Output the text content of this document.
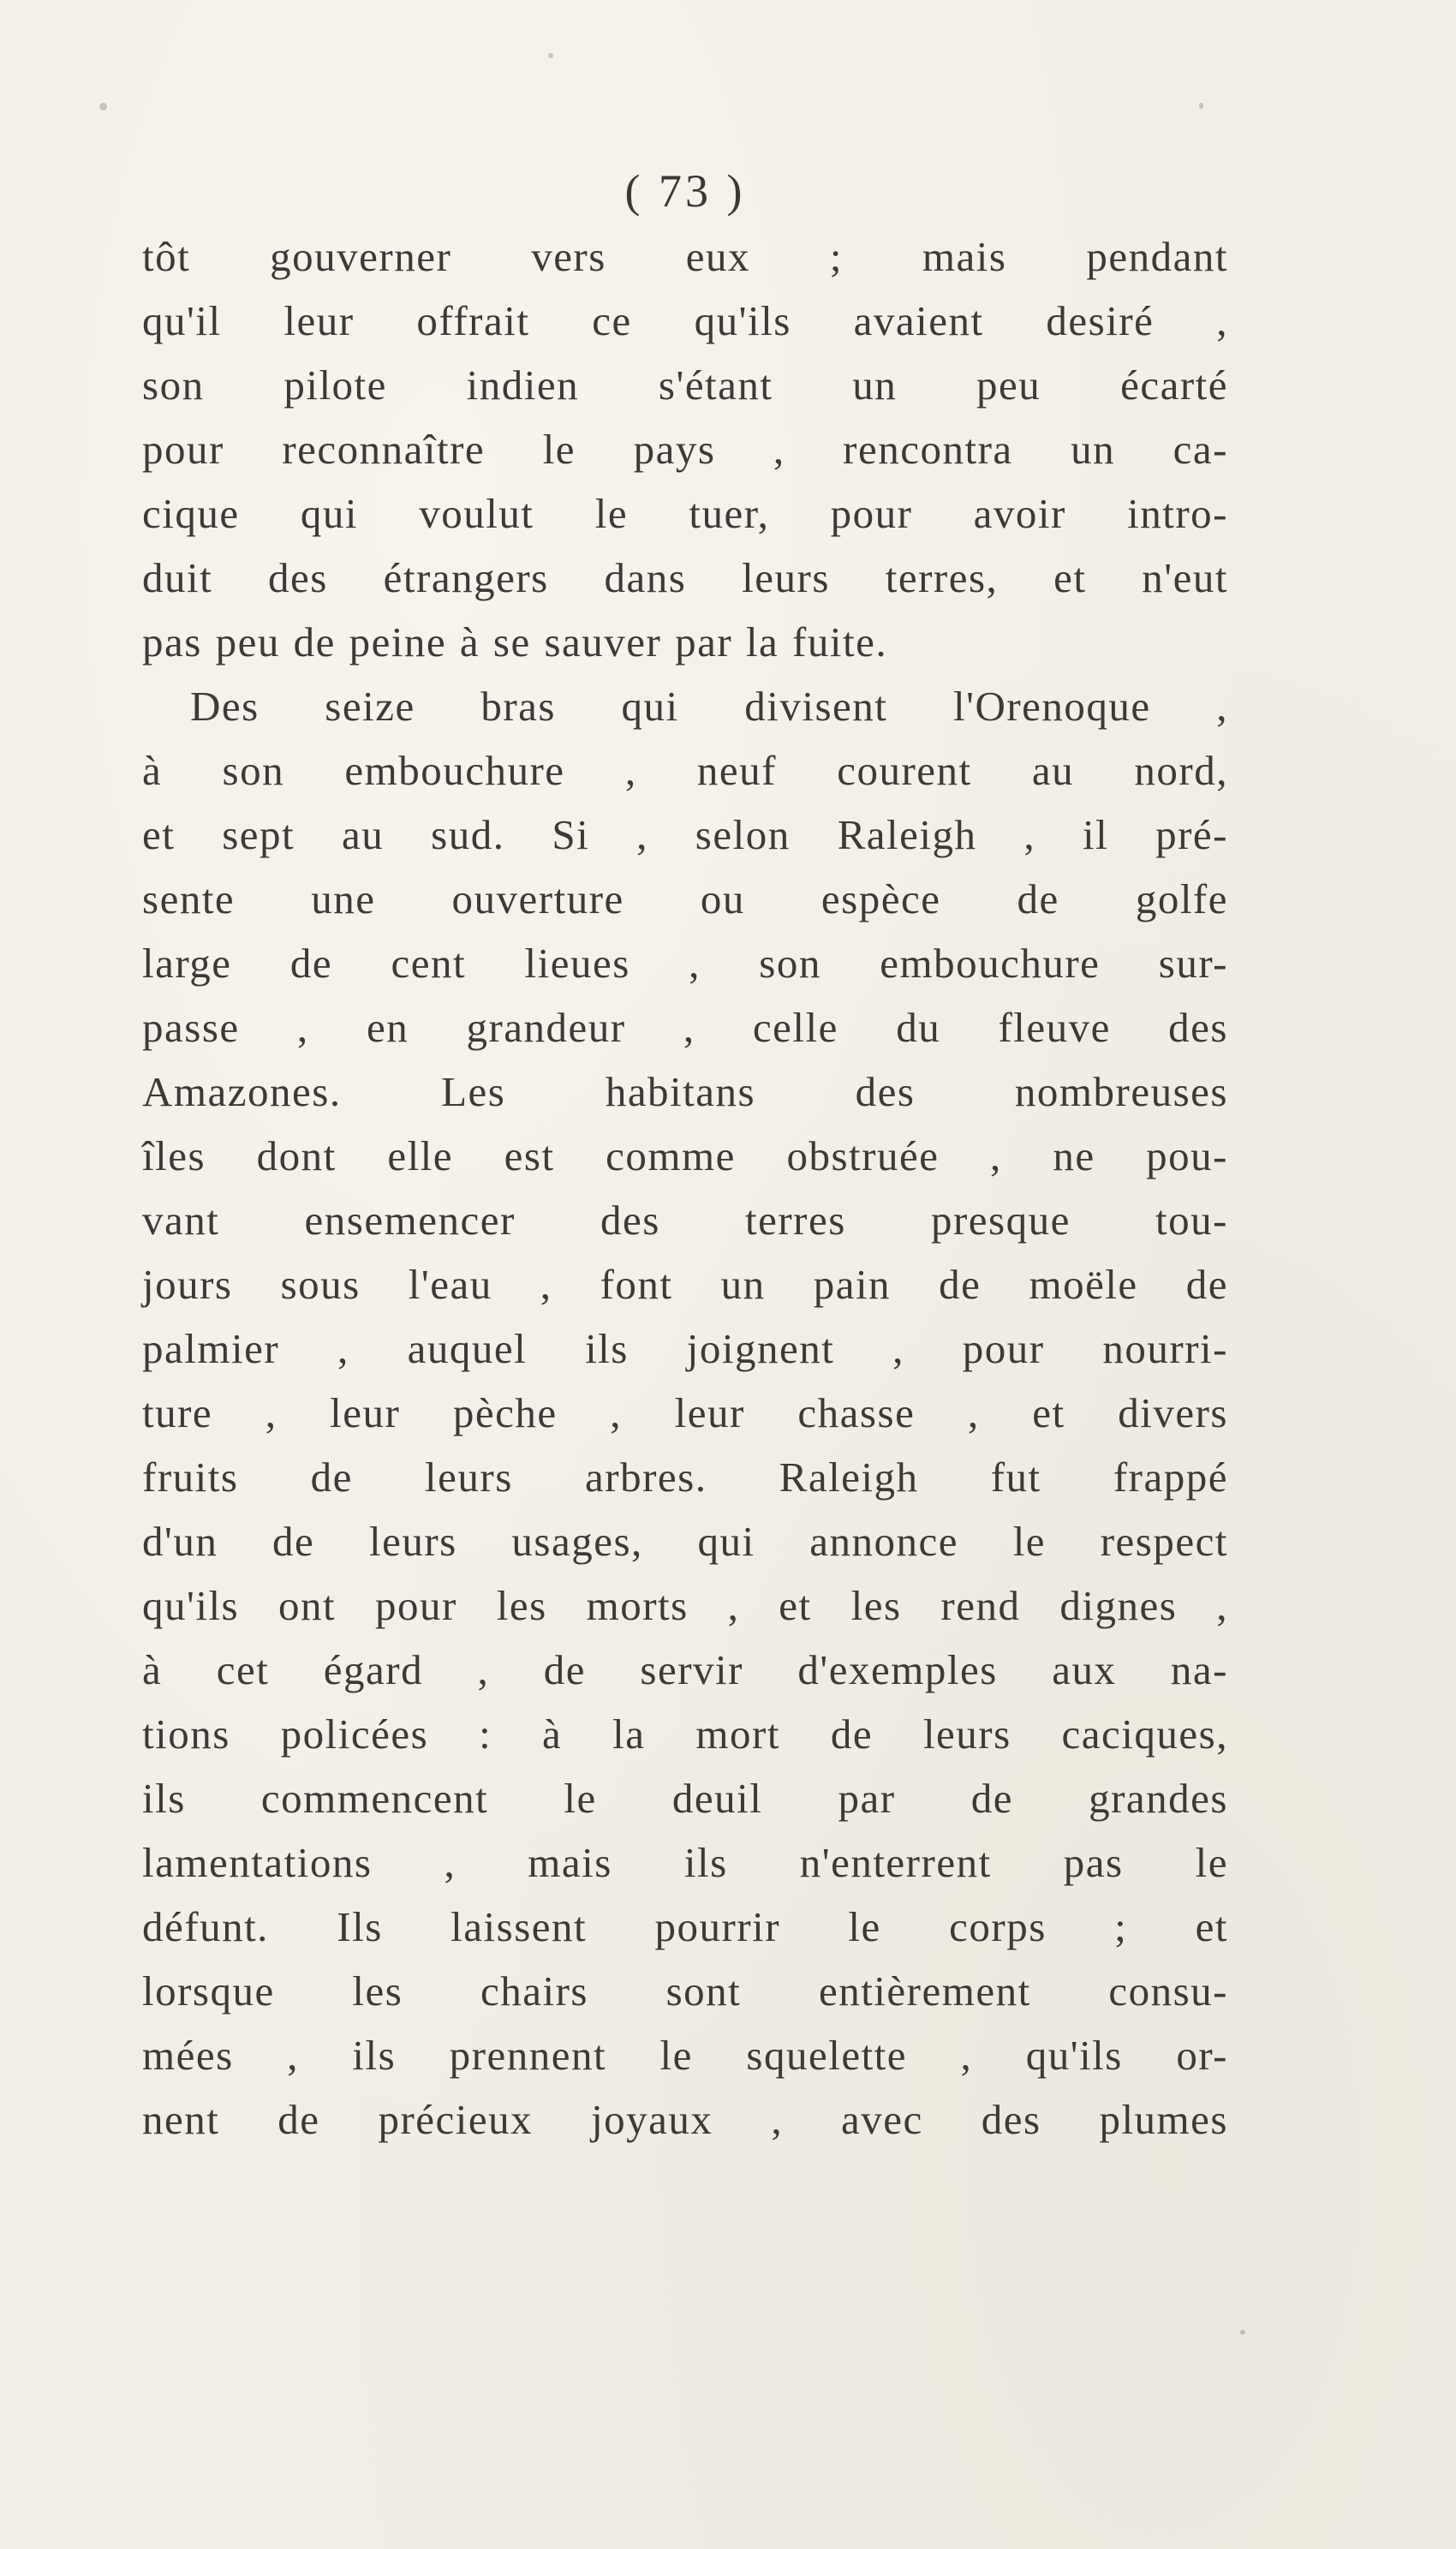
( 73 )
tôt gouverner vers eux ; mais pendant
qu'il leur offrait ce qu'ils avaient desiré ,
son pilote indien s'étant un peu écarté
pour reconnaître le pays , rencontra un ca-
cique qui voulut le tuer, pour avoir intro-
duit des étrangers dans leurs terres, et n'eut
pas peu de peine à se sauver par la fuite.
Des seize bras qui divisent l'Orenoque ,
à son embouchure , neuf courent au nord,
et sept au sud. Si , selon Raleigh , il pré-
sente une ouverture ou espèce de golfe
large de cent lieues , son embouchure sur-
passe , en grandeur , celle du fleuve des
Amazones. Les habitans des nombreuses
îles dont elle est comme obstruée , ne pou-
vant ensemencer des terres presque tou-
jours sous l'eau , font un pain de moële de
palmier , auquel ils joignent , pour nourri-
ture , leur pèche , leur chasse , et divers
fruits de leurs arbres. Raleigh fut frappé
d'un de leurs usages, qui annonce le respect
qu'ils ont pour les morts , et les rend dignes ,
à cet égard , de servir d'exemples aux na-
tions policées : à la mort de leurs caciques,
ils commencent le deuil par de grandes
lamentations , mais ils n'enterrent pas le
défunt. Ils laissent pourrir le corps ; et
lorsque les chairs sont entièrement consu-
mées , ils prennent le squelette , qu'ils or-
nent de précieux joyaux , avec des plumes
